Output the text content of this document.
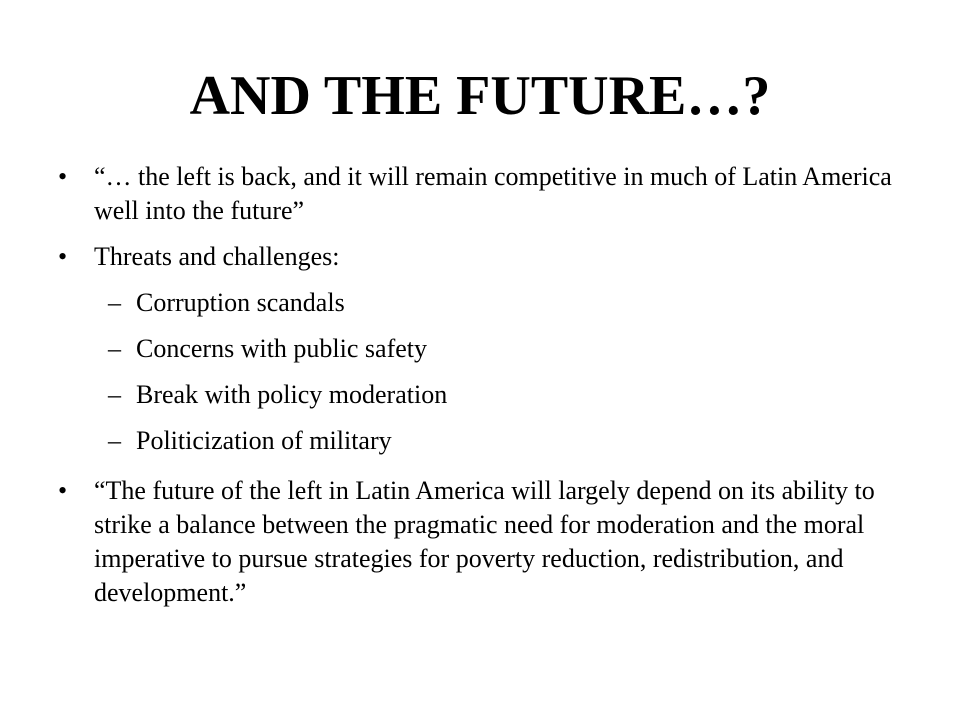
AND THE FUTURE…?
• “… the left is back, and it will remain competitive in much of Latin America well into the future”
• Threats and challenges:
– Corruption scandals
– Concerns with public safety
– Break with policy moderation
– Politicization of military
• “The future of the left in Latin America will largely depend on its ability to strike a balance between the pragmatic need for moderation and the moral imperative to pursue strategies for poverty reduction, redistribution, and development.”
